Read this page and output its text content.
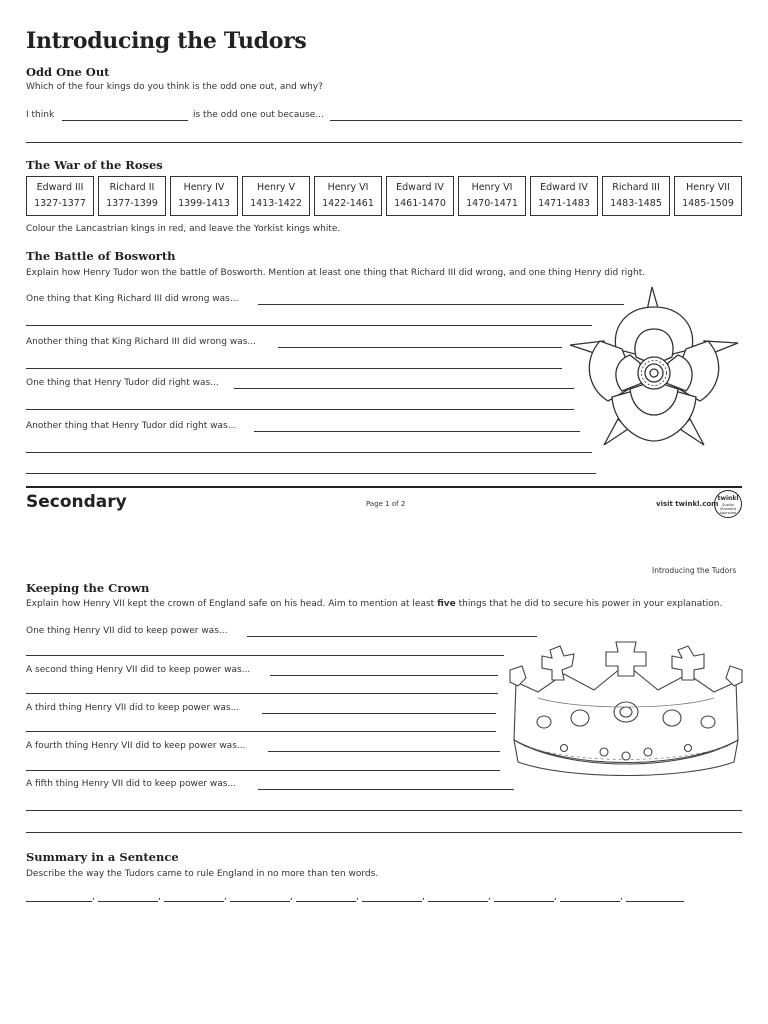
Introducing the Tudors
Odd One Out
Which of the four kings do you think is the odd one out, and why?
I think	is the odd one out because...
The War of the Roses
Edward III
1327-1377
Richard II
1377-1399
Henry IV
1399-1413
Henry V
1413-1422
Henry VI
1422-1461
Edward IV
1461-1470
Henry VI
1470-1471
Edward IV
1471-1483
Richard III
1483-1485
Henry VII
1485-1509
Colour the Lancastrian kings in red, and leave the Yorkist kings white.
The Battle of Bosworth
Explain how Henry Tudor won the battle of Bosworth. Mention at least one thing that Richard III did wrong, and one thing Henry did right.
One thing that King Richard III did wrong was...
Another thing that King Richard III did wrong was...
One thing that Henry Tudor did right was...
Another thing that Henry Tudor did right was...
Secondary	Page 1 of 2	visit twinkl.com
twinkl
Quality Standard Approved
Introducing the Tudors
Keeping the Crown
Explain how Henry VII kept the crown of England safe on his head. Aim to mention at least five things that he did to secure his power in your explanation.
One thing Henry VII did to keep power was...
A second thing Henry VII did to keep power was...
A third thing Henry VII did to keep power was...
A fourth thing Henry VII did to keep power was...
A fifth thing Henry VII did to keep power was...
Summary in a Sentence
Describe the way the Tudors came to rule England in no more than ten words.
,	,	,	,	,	,	,	,	,
